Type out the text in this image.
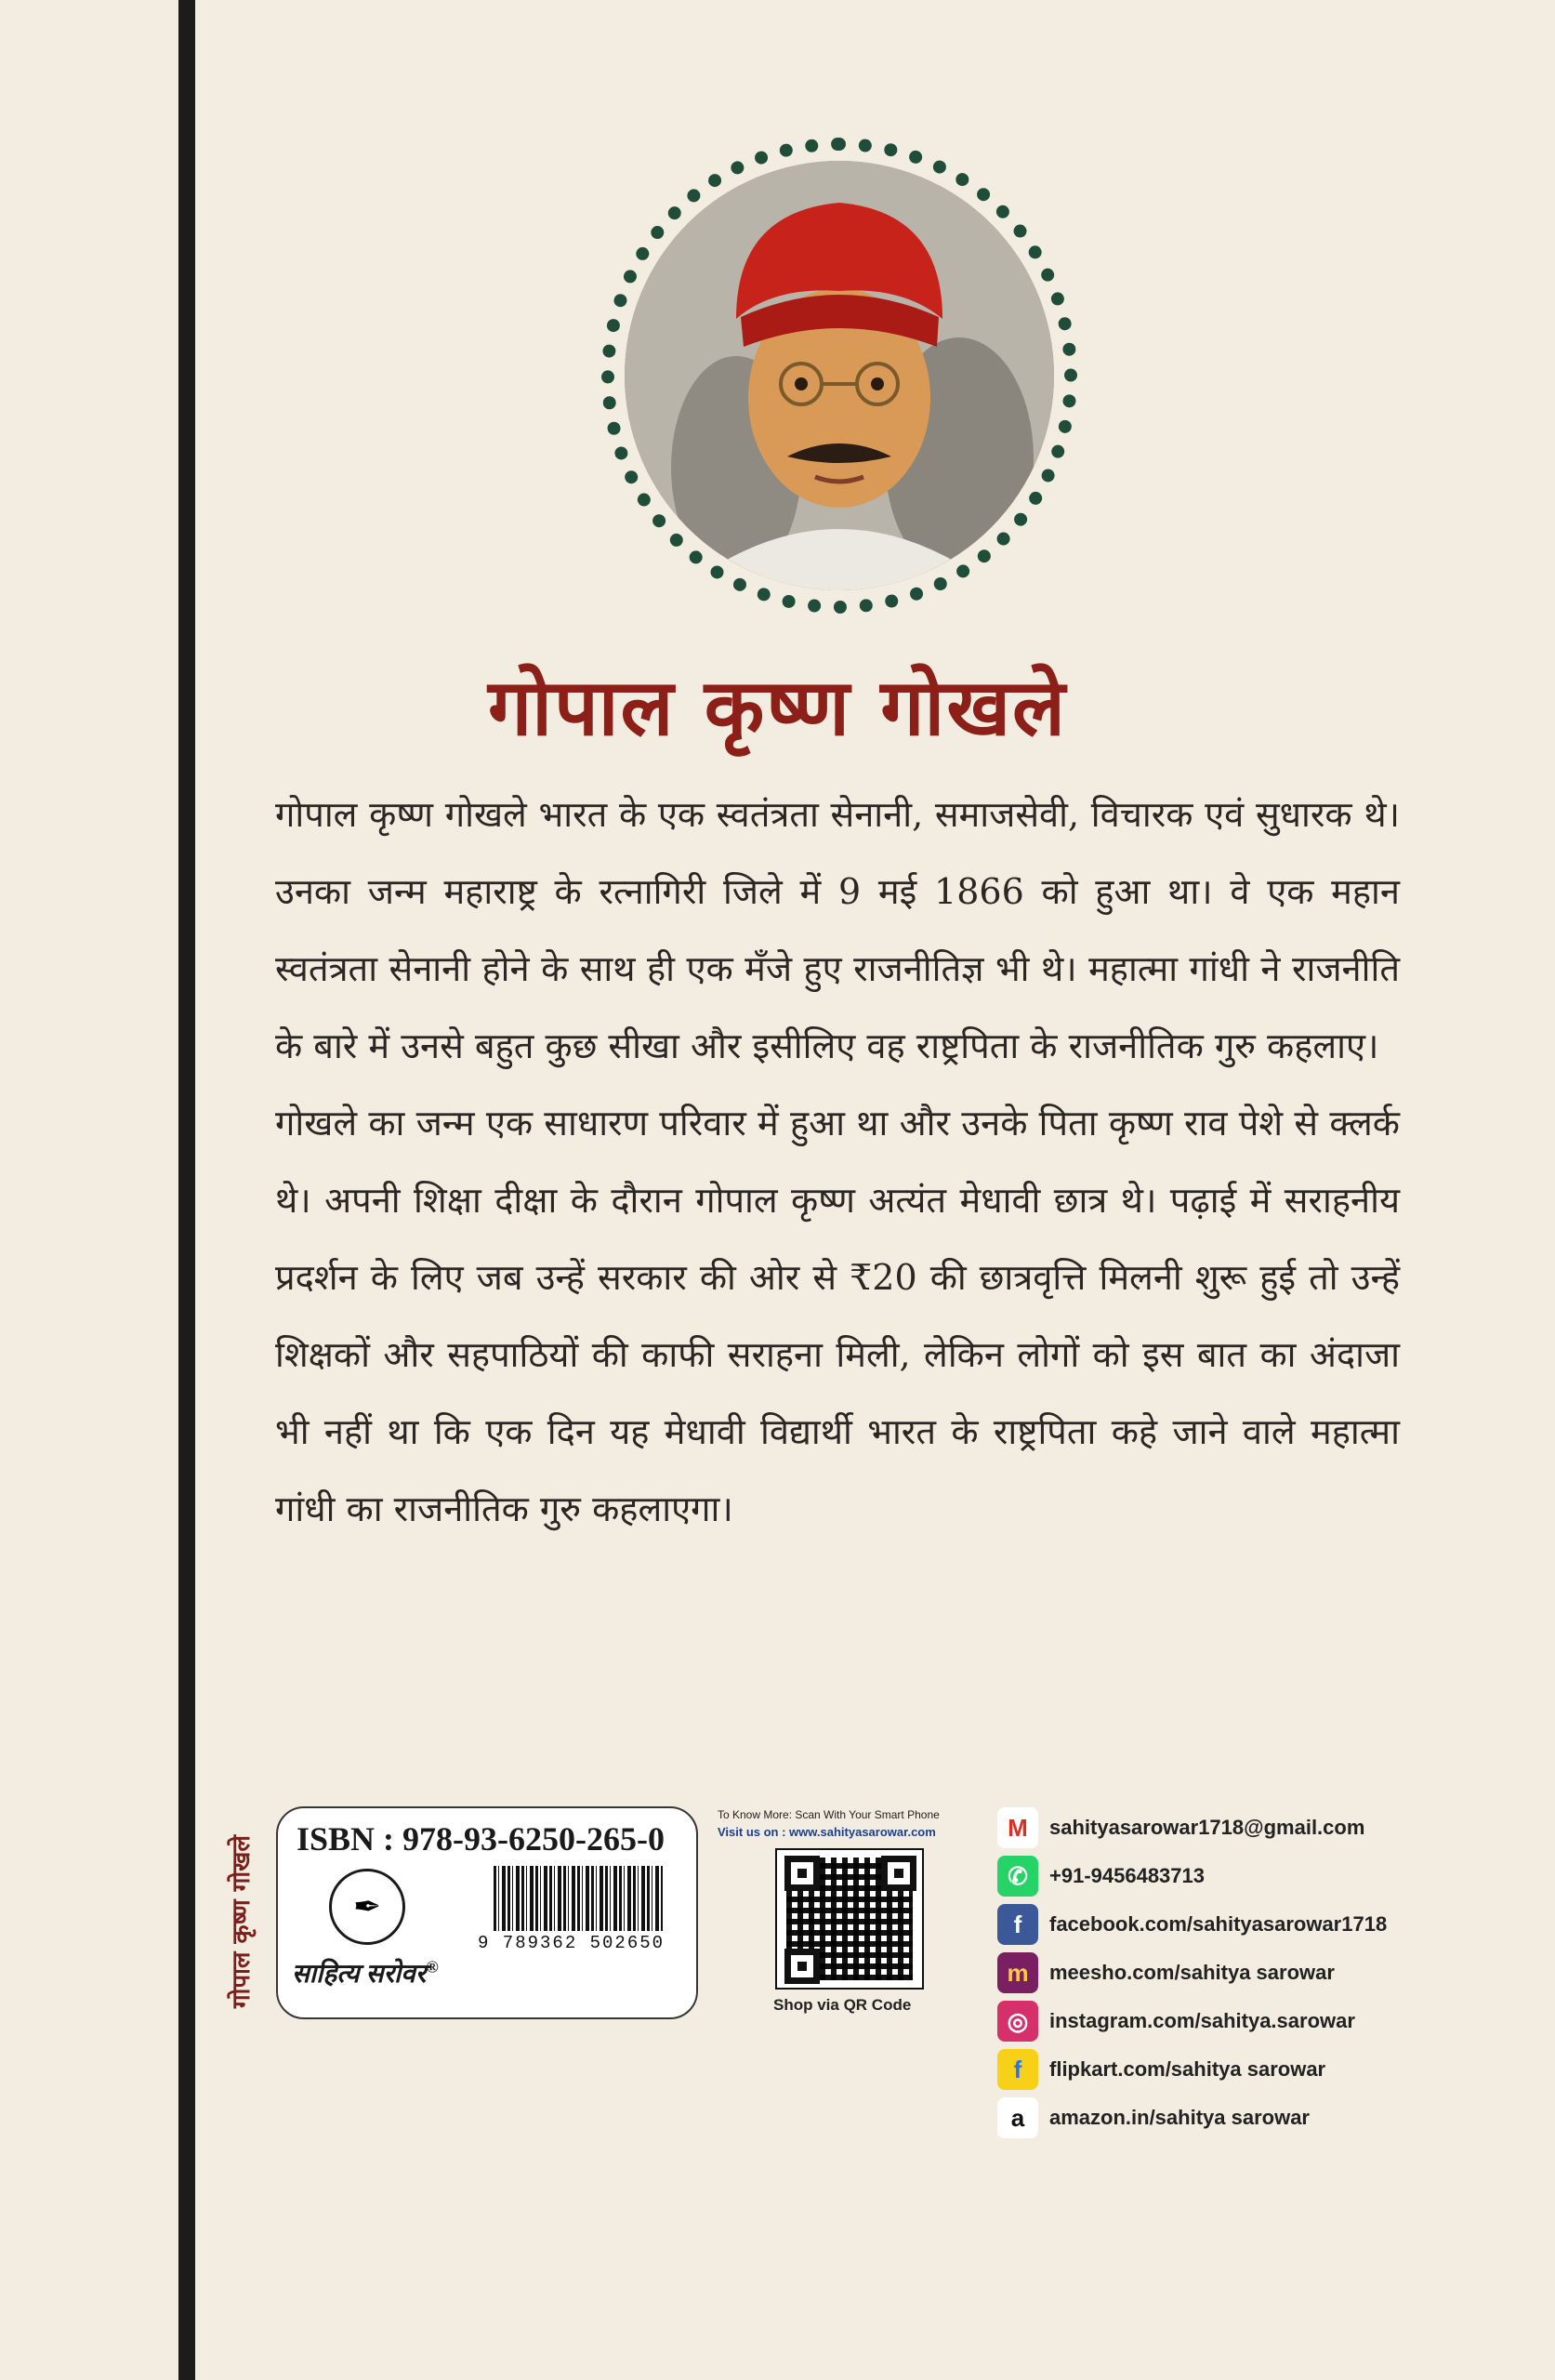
गोपाल कृष्ण गोखले
गोपाल कृष्ण गोखले

गोपाल कृष्ण गोखले भारत के एक स्वतंत्रता सेनानी, समाजसेवी, विचारक एवं सुधारक थे। उनका जन्म महाराष्ट्र के रत्नागिरी जिले में 9 मई 1866 को हुआ था। वे एक महान स्वतंत्रता सेनानी होने के साथ ही एक मँजे हुए राजनीतिज्ञ भी थे। महात्मा गांधी ने राजनीति के बारे में उनसे बहुत कुछ सीखा और इसीलिए वह राष्ट्रपिता के राजनीतिक गुरु कहलाए।

गोखले का जन्म एक साधारण परिवार में हुआ था और उनके पिता कृष्ण राव पेशे से क्लर्क थे। अपनी शिक्षा दीक्षा के दौरान गोपाल कृष्ण अत्यंत मेधावी छात्र थे। पढ़ाई में सराहनीय प्रदर्शन के लिए जब उन्हें सरकार की ओर से ₹20 की छात्रवृत्ति मिलनी शुरू हुई तो उन्हें शिक्षकों और सहपाठियों की काफी सराहना मिली, लेकिन लोगों को इस बात का अंदाजा भी नहीं था कि एक दिन यह मेधावी विद्यार्थी भारत के राष्ट्रपिता कहे जाने वाले महात्मा गांधी का राजनीतिक गुरु कहलाएगा।

ISBN : 978-93-6250-265-0
✒
साहित्य सरोवर®
9 789362 502650
To Know More: Scan With Your Smart Phone
Visit us on : www.sahityasarowar.com
Shop via QR Code
M	sahityasarowar1718@gmail.com
✆	+91-9456483713
f	facebook.com/sahityasarowar1718
m	meesho.com/sahitya sarowar
◎	instagram.com/sahitya.sarowar
f	flipkart.com/sahitya sarowar
a	amazon.in/sahitya sarowar
